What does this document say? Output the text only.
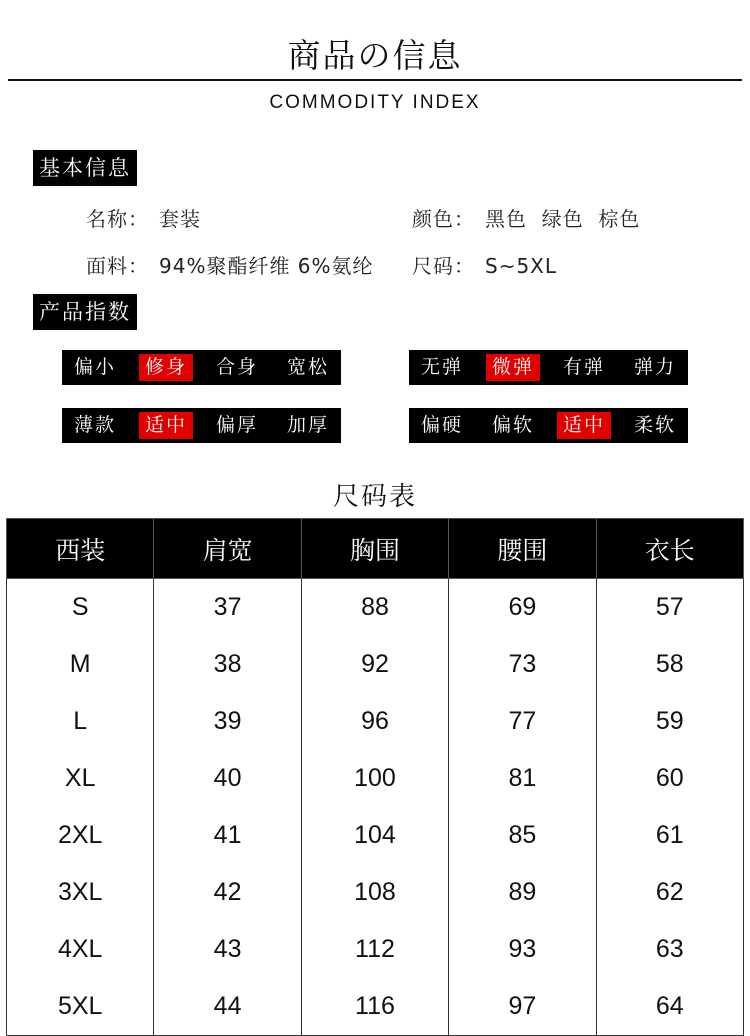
商品の信息
COMMODITY INDEX
基本信息
名称： 套装	颜色： 黑色  绿色  棕色
面料： 94%聚酯纤维 6%氨纶 尺码： S~5XL
产品指数
偏小	修身	合身	宽松	无弹	微弹	有弹	弹力
薄款	适中	偏厚	加厚	偏硬	偏软	适中	柔软
尺码表
西装	肩宽	胸围	腰围	衣长
S	37	88	69	57
M	38	92	73	58
L	39	96	77	59
XL	40	100	81	60
2XL	41	104	85	61
3XL	42	108	89	62
4XL	43	112	93	63
5XL	44	116	97	64
